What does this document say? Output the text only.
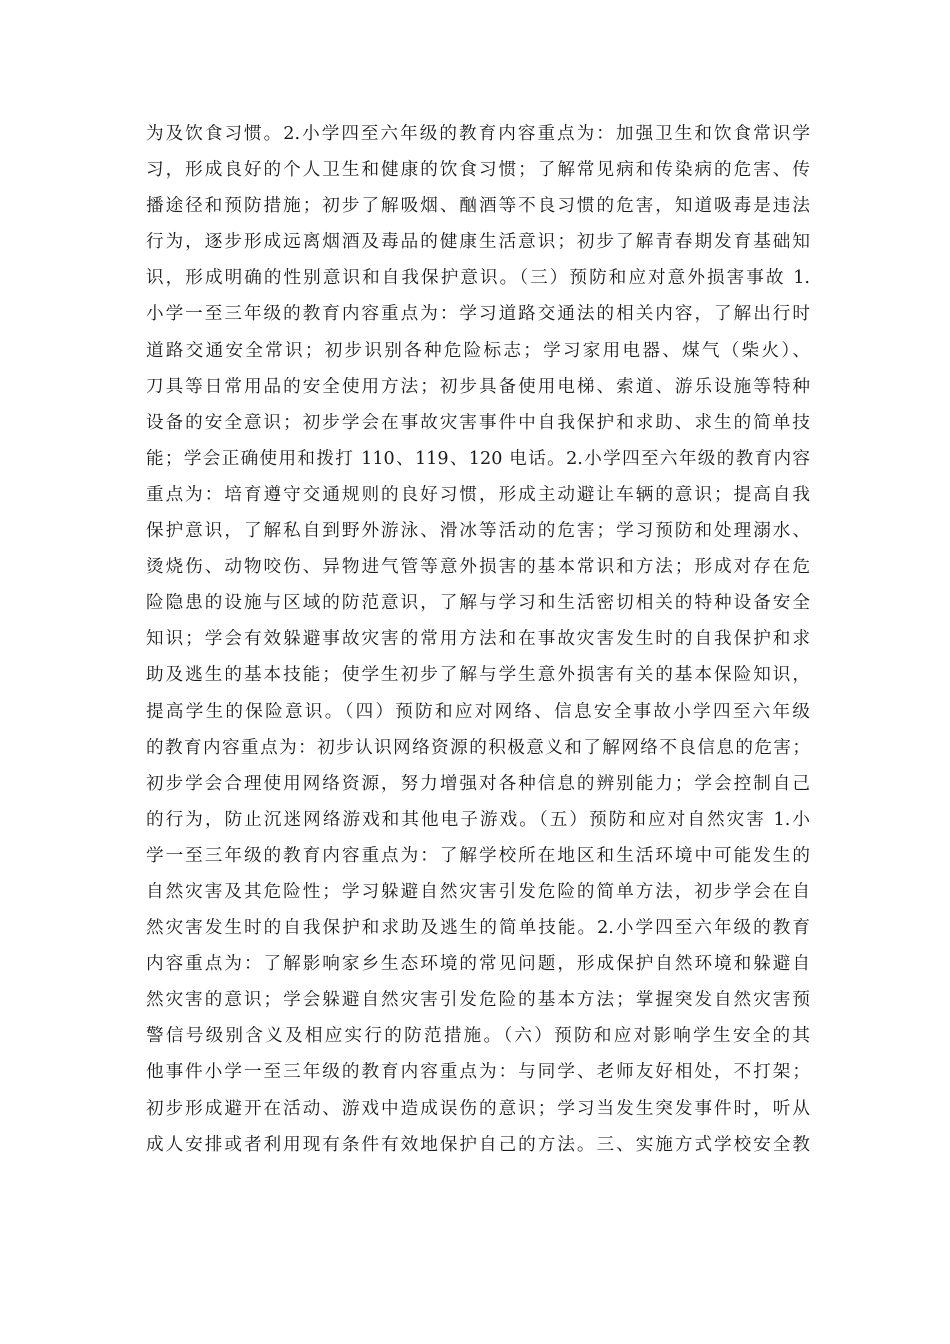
为及饮食习惯。2.小学四至六年级的教育内容重点为：加强卫生和饮食常识学
习，形成良好的个人卫生和健康的饮食习惯；了解常见病和传染病的危害、传
播途径和预防措施；初步了解吸烟、酗酒等不良习惯的危害，知道吸毒是违法
行为，逐步形成远离烟酒及毒品的健康生活意识；初步了解青春期发育基础知
识，形成明确的性别意识和自我保护意识。（三）预防和应对意外损害事故 1.
小学一至三年级的教育内容重点为：学习道路交通法的相关内容，了解出行时
道路交通安全常识；初步识别各种危险标志；学习家用电器、煤气（柴火）、
刀具等日常用品的安全使用方法；初步具备使用电梯、索道、游乐设施等特种
设备的安全意识；初步学会在事故灾害事件中自我保护和求助、求生的简单技
能；学会正确使用和拨打 110、119、120 电话。2.小学四至六年级的教育内容
重点为：培育遵守交通规则的良好习惯，形成主动避让车辆的意识；提高自我
保护意识，了解私自到野外游泳、滑冰等活动的危害；学习预防和处理溺水、
烫烧伤、动物咬伤、异物进气管等意外损害的基本常识和方法；形成对存在危
险隐患的设施与区域的防范意识，了解与学习和生活密切相关的特种设备安全
知识；学会有效躲避事故灾害的常用方法和在事故灾害发生时的自我保护和求
助及逃生的基本技能；使学生初步了解与学生意外损害有关的基本保险知识，
提高学生的保险意识。（四）预防和应对网络、信息安全事故小学四至六年级
的教育内容重点为：初步认识网络资源的积极意义和了解网络不良信息的危害；
初步学会合理使用网络资源，努力增强对各种信息的辨别能力；学会控制自己
的行为，防止沉迷网络游戏和其他电子游戏。（五）预防和应对自然灾害 1.小
学一至三年级的教育内容重点为：了解学校所在地区和生活环境中可能发生的
自然灾害及其危险性；学习躲避自然灾害引发危险的简单方法，初步学会在自
然灾害发生时的自我保护和求助及逃生的简单技能。2.小学四至六年级的教育
内容重点为：了解影响家乡生态环境的常见问题，形成保护自然环境和躲避自
然灾害的意识；学会躲避自然灾害引发危险的基本方法；掌握突发自然灾害预
警信号级别含义及相应实行的防范措施。（六）预防和应对影响学生安全的其
他事件小学一至三年级的教育内容重点为：与同学、老师友好相处，不打架；
初步形成避开在活动、游戏中造成误伤的意识；学习当发生突发事件时，听从
成人安排或者利用现有条件有效地保护自己的方法。三、实施方式学校安全教
